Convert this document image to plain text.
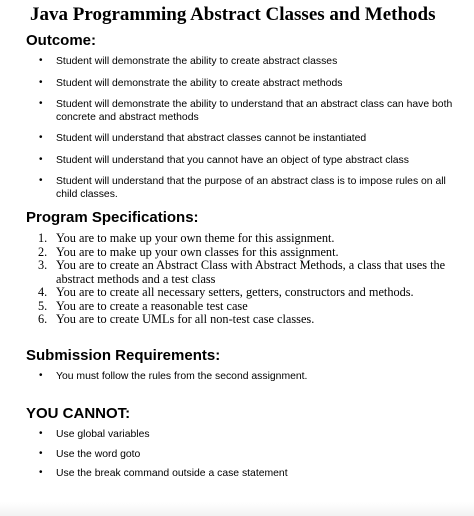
Java Programming Abstract Classes and Methods
Outcome:
• Student will demonstrate the ability to create abstract classes
• Student will demonstrate the ability to create abstract methods
• Student will demonstrate the ability to understand that an abstract class can have both concrete and abstract methods
• Student will understand that abstract classes cannot be instantiated
• Student will understand that you cannot have an object of type abstract class
• Student will understand that the purpose of an abstract class is to impose rules on all child classes.
Program Specifications:
1. You are to make up your own theme for this assignment.
2. You are to make up your own classes for this assignment.
3. You are to create an Abstract Class with Abstract Methods, a class that uses the abstract methods and a test class
4. You are to create all necessary setters, getters, constructors and methods.
5. You are to create a reasonable test case
6. You are to create UMLs for all non-test case classes.
Submission Requirements:
• You must follow the rules from the second assignment.
YOU CANNOT:
• Use global variables
• Use the word goto
• Use the break command outside a case statement
